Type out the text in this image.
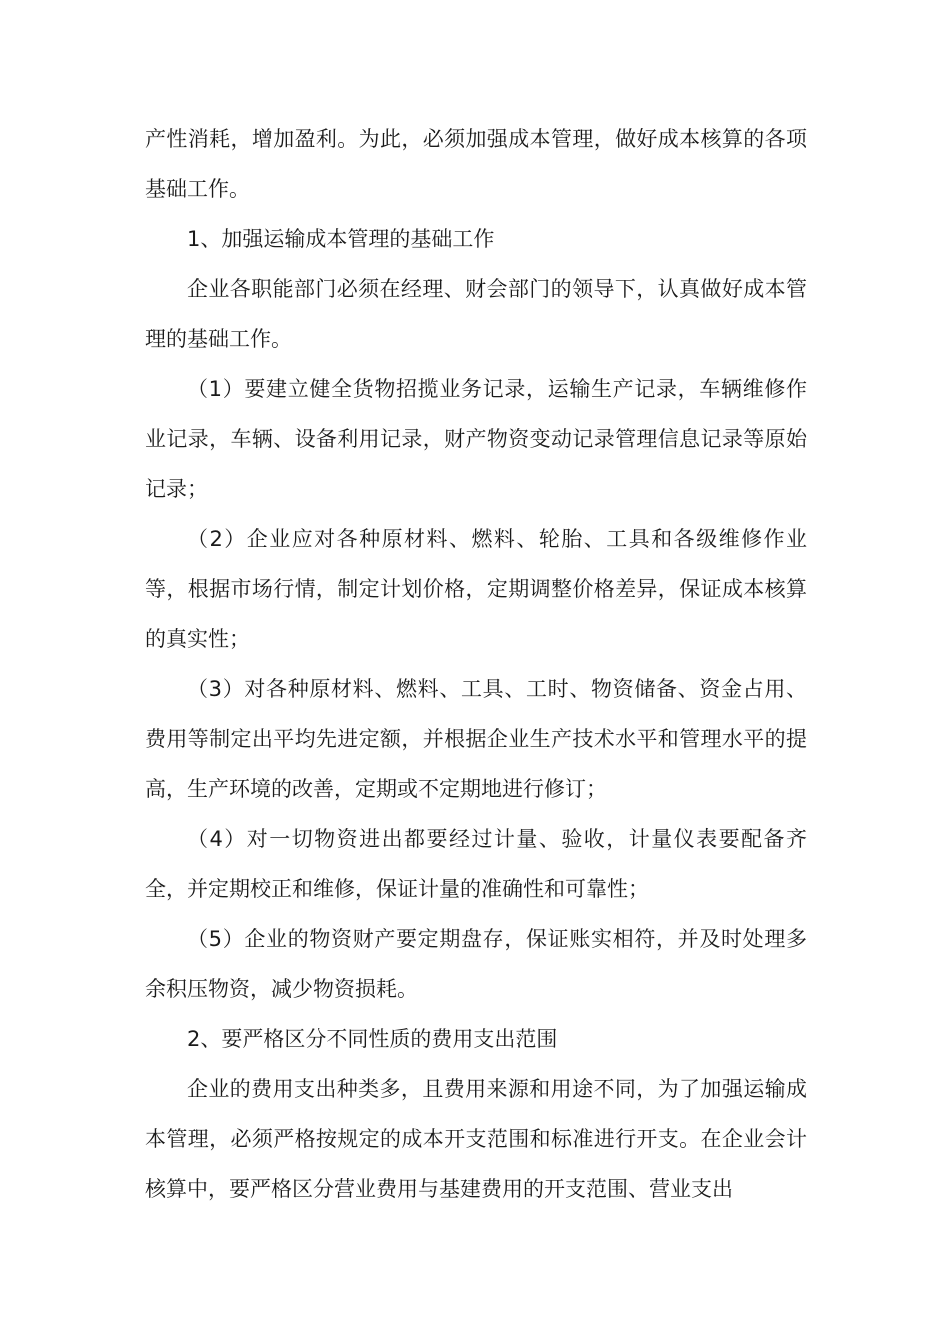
产性消耗，增加盈利。为此，必须加强成本管理，做好成本核算的各项基础工作。

1、加强运输成本管理的基础工作

企业各职能部门必须在经理、财会部门的领导下，认真做好成本管理的基础工作。

（1）要建立健全货物招揽业务记录，运输生产记录，车辆维修作业记录，车辆、设备利用记录，财产物资变动记录管理信息记录等原始记录；

（2）企业应对各种原材料、燃料、轮胎、工具和各级维修作业等，根据市场行情，制定计划价格，定期调整价格差异，保证成本核算的真实性；

（3）对各种原材料、燃料、工具、工时、物资储备、资金占用、费用等制定出平均先进定额，并根据企业生产技术水平和管理水平的提高，生产环境的改善，定期或不定期地进行修订；

（4）对一切物资进出都要经过计量、验收，计量仪表要配备齐全，并定期校正和维修，保证计量的准确性和可靠性；

（5）企业的物资财产要定期盘存，保证账实相符，并及时处理多余积压物资，减少物资损耗。

2、要严格区分不同性质的费用支出范围

企业的费用支出种类多，且费用来源和用途不同，为了加强运输成本管理，必须严格按规定的成本开支范围和标准进行开支。在企业会计核算中，要严格区分营业费用与基建费用的开支范围、营业支出
